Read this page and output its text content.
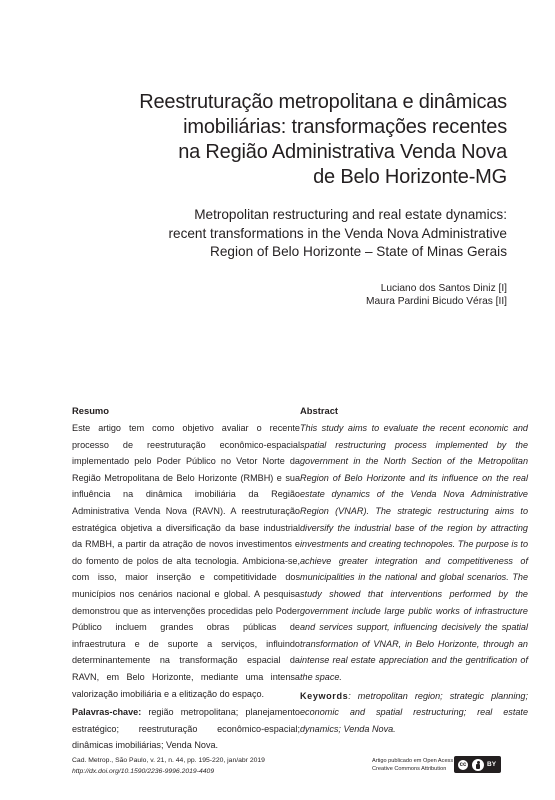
Reestruturação metropolitana e dinâmicas
imobiliárias: transformações recentes
na Região Administrativa Venda Nova
de Belo Horizonte-MG
Metropolitan restructuring and real estate dynamics:
recent transformations in the Venda Nova Administrative
Region of Belo Horizonte – State of Minas Gerais
Luciano dos Santos Diniz [I]
Maura Pardini Bicudo Véras [II]
Resumo

Este artigo tem como objetivo avaliar o recente processo de reestruturação econômico-espacial implementado pelo Poder Público no Vetor Norte da Região Metropolitana de Belo Horizonte (RMBH) e sua influência na dinâmica imobiliária da Região Administrativa Venda Nova (RAVN). A reestruturação estratégica objetiva a diversificação da base industrial da RMBH, a partir da atração de novos investimentos e do fomento de polos de alta tecnologia. Ambiciona-se, com isso, maior inserção e competitividade dos municípios nos cenários nacional e global. A pesquisa demonstrou que as intervenções procedidas pelo Poder Público incluem grandes obras públicas de infraestrutura e de suporte a serviços, influindo determinantemente na transformação espacial da RAVN, em Belo Horizonte, mediante uma intensa valorização imobiliária e a elitização do espaço.

Palavras-chave: região metropolitana; planejamento estratégico; reestruturação econômico-espacial; dinâmicas imobiliárias; Venda Nova.

Abstract

This study aims to evaluate the recent economic and spatial restructuring process implemented by the government in the North Section of the Metropolitan Region of Belo Horizonte and its influence on the real estate dynamics of the Venda Nova Administrative Region (VNAR). The strategic restructuring aims to diversify the industrial base of the region by attracting investments and creating technopoles. The purpose is to achieve greater integration and competitiveness of municipalities in the national and global scenarios. The study showed that interventions performed by the government include large public works of infrastructure and services support, influencing decisively the spatial transformation of VNAR, in Belo Horizonte, through an intense real estate appreciation and the gentrification of the space.

Keywords: metropolitan region; strategic planning; economic and spatial restructuring; real estate dynamics; Venda Nova.

Cad. Metrop., São Paulo, v. 21, n. 44, pp. 195-220, jan/abr 2019
http://dx.doi.org/10.1590/2236-9996.2019-4409
Artigo publicado em Open Acess
Creative Commons Attribution
cc	BY
